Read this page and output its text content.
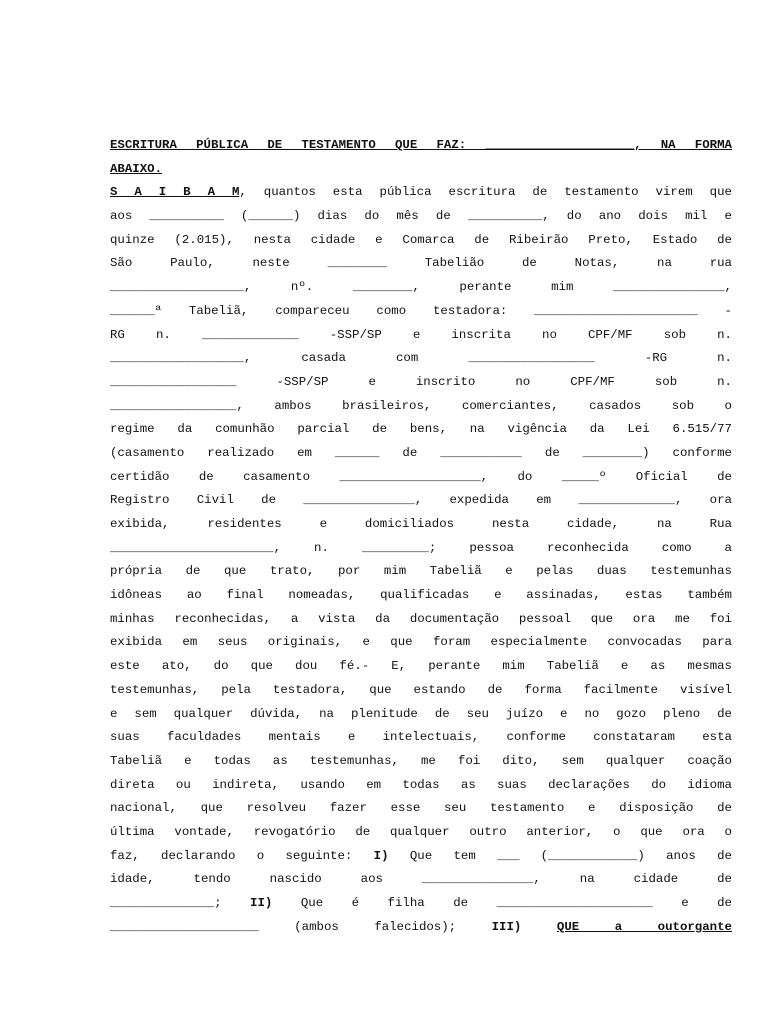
ESCRITURA PÚBLICA DE TESTAMENTO QUE FAZ: ____________________, NA FORMA
ABAIXO.
S A I B A M, quantos esta pública escritura de testamento virem que
aos __________ (______) dias do mês de __________, do ano dois mil e
quinze (2.015), nesta cidade e Comarca de Ribeirão Preto, Estado de
São Paulo, neste ________ Tabelião de Notas, na rua
__________________, nº. ________, perante mim _______________,
______ª Tabeliã, compareceu como testadora: ______________________ -
RG n. _____________ -SSP/SP e inscrita no CPF/MF sob n.
__________________, casada com _________________ -RG n.
_________________ -SSP/SP e inscrito no CPF/MF sob n.
_________________, ambos brasileiros, comerciantes, casados sob o
regime da comunhão parcial de bens, na vigência da Lei 6.515/77
(casamento realizado em ______ de ___________ de ________) conforme
certidão de casamento ___________________, do _____º Oficial de
Registro Civil de _______________, expedida em _____________, ora
exibida, residentes e domiciliados nesta cidade, na Rua
______________________, n. _________; pessoa reconhecida como a
própria de que trato, por mim Tabeliã e pelas duas testemunhas
idôneas ao final nomeadas, qualificadas e assinadas, estas também
minhas reconhecidas, a vista da documentação pessoal que ora me foi
exibida em seus originais, e que foram especialmente convocadas para
este ato, do que dou fé.- E, perante mim Tabeliã e as mesmas
testemunhas, pela testadora, que estando de forma facilmente visível
e sem qualquer dúvida, na plenitude de seu juízo e no gozo pleno de
suas faculdades mentais e intelectuais, conforme constataram esta
Tabeliã e todas as testemunhas, me foi dito, sem qualquer coação
direta ou indireta, usando em todas as suas declarações do idioma
nacional, que resolveu fazer esse seu testamento e disposição de
última vontade, revogatório de qualquer outro anterior, o que ora o
faz, declarando o seguinte: I) Que tem ___ (____________) anos de
idade, tendo nascido aos _______________, na cidade de
______________; II) Que é filha de _____________________ e de
____________________ (ambos falecidos); III)	QUE a outorgante
